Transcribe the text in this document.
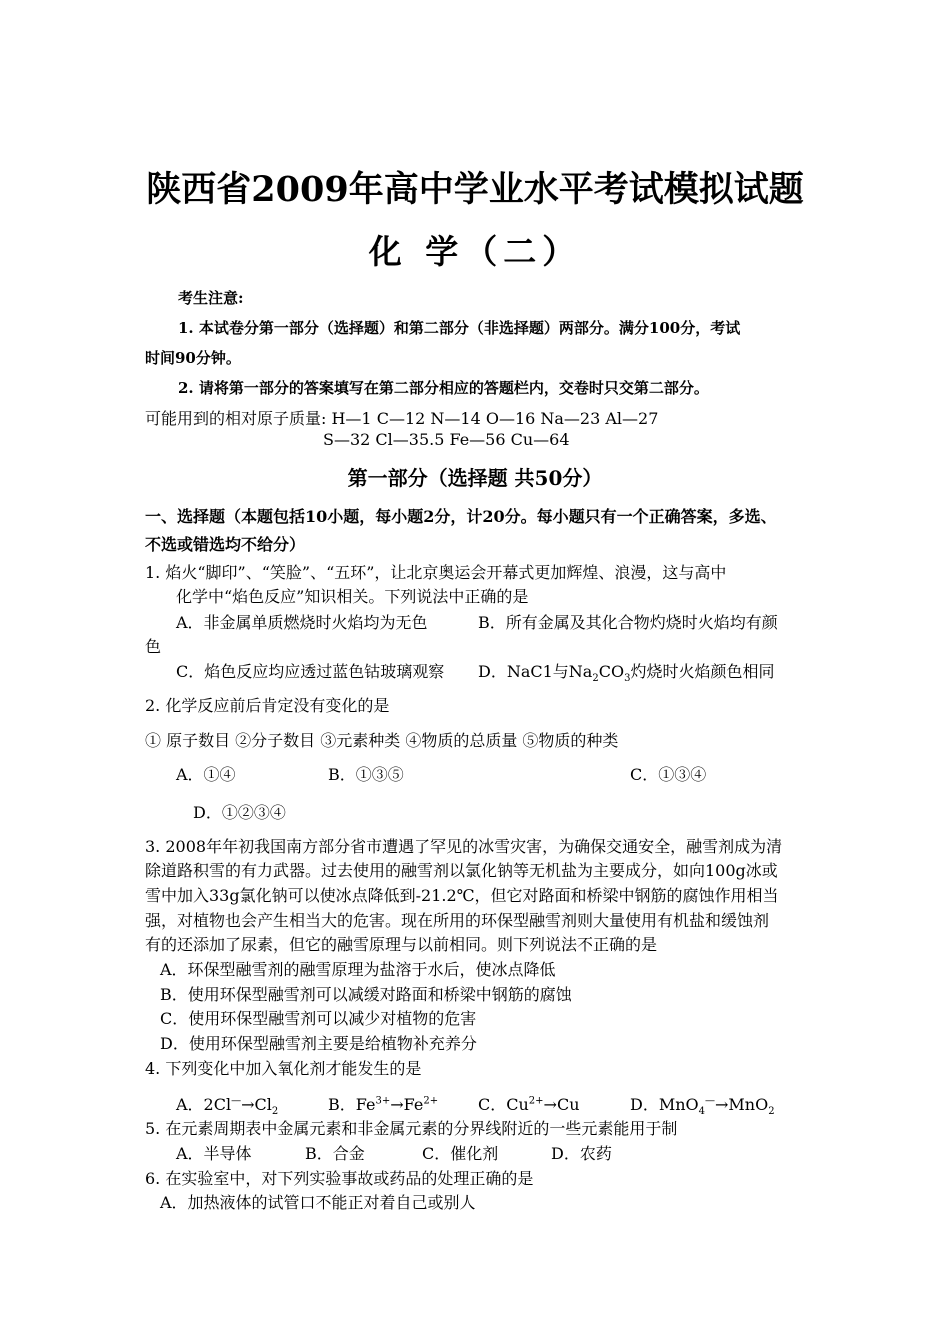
陕西省2009年高中学业水平考试模拟试题
化 学（二）
考生注意:
1. 本试卷分第一部分（选择题）和第二部分（非选择题）两部分。满分100分，考试
时间90分钟。
2. 请将第一部分的答案填写在第二部分相应的答题栏内，交卷时只交第二部分。
可能用到的相对原子质量: H—1 C—12 N—14 O—16 Na—23 Al—27
S—32 Cl—35.5 Fe—56 Cu—64
第一部分（选择题 共50分）
一、选择题（本题包括10小题，每小题2分，计20分。每小题只有一个正确答案，多选、
不选或错选均不给分）
1. 焰火“脚印”、“笑脸”、“五环”，让北京奥运会开幕式更加辉煌、浪漫，这与高中
化学中“焰色反应”知识相关。下列说法中正确的是
A．非金属单质燃烧时火焰均为无色	B．所有金属及其化合物灼烧时火焰均有颜
色
C．焰色反应均应透过蓝色钴玻璃观察 D．NaC1与$Na_2CO_3$灼烧时火焰颜色相同
2. 化学反应前后肯定没有变化的是
① 原子数目 ②分子数目 ③元素种类 ④物质的总质量 ⑤物质的种类
A．①④	B．①③⑤	C．①③④
D．①②③④
3. 2008年年初我国南方部分省市遭遇了罕见的冰雪灾害，为确保交通安全，融雪剂成为清
除道路积雪的有力武器。过去使用的融雪剂以氯化钠等无机盐为主要成分，如向100g冰或
雪中加入33g氯化钠可以使冰点降低到-21.2℃，但它对路面和桥梁中钢筋的腐蚀作用相当
强，对植物也会产生相当大的危害。现在所用的环保型融雪剂则大量使用有机盐和缓蚀剂
有的还添加了尿素，但它的融雪原理与以前相同。则下列说法不正确的是
A．环保型融雪剂的融雪原理为盐溶于水后，使冰点降低
B．使用环保型融雪剂可以减缓对路面和桥梁中钢筋的腐蚀
C．使用环保型融雪剂可以减少对植物的危害
D．使用环保型融雪剂主要是给植物补充养分
4. 下列变化中加入氧化剂才能发生的是
A．$2Cl^—\to Cl_2$	B．$Fe^{3+}\to Fe^{2+}$ C．$Cu^{2+}\to Cu$	D．MnO$_4$—→MnO$_2$
5. 在元素周期表中金属元素和非金属元素的分界线附近的一些元素能用于制
A．半导体	B．合金	C．催化剂	D．农药
6. 在实验室中，对下列实验事故或药品的处理正确的是
A．加热液体的试管口不能正对着自己或别人
